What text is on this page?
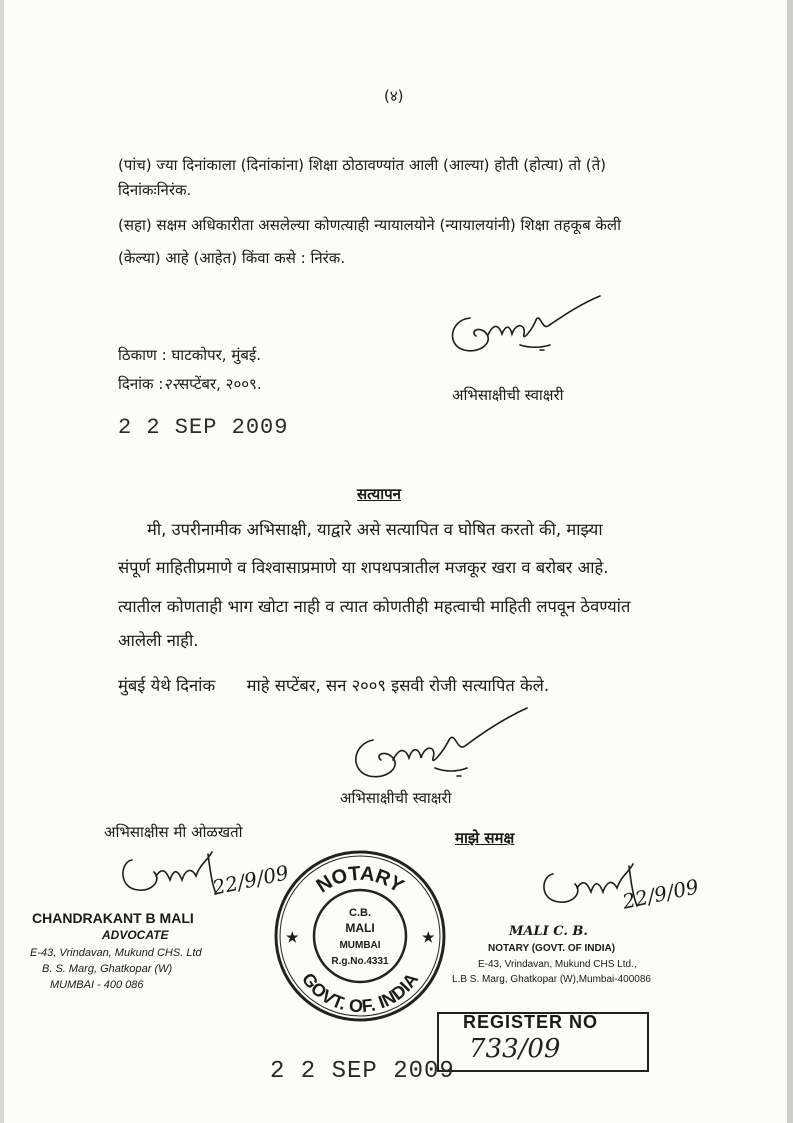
(४)
(पांच) ज्या दिनांकाला (दिनांकांना) शिक्षा ठोठावण्यांत आली (आल्या) होती (होत्या) तो (ते)
दिनांकःनिरंक.
(सहा) सक्षम अधिकारीता असलेल्या कोणत्याही न्यायालयोने (न्यायालयांनी) शिक्षा तहकूब केली
(केल्या) आहे (आहेत) किंवा कसे : निरंक.
ठिकाण : घाटकोपर, मुंबई.
दिनांक :२२सप्टेंबर, २००९.
2 2 SEP 2009
अभिसाक्षीची स्वाक्षरी
सत्यापन
मी, उपरीनामीक अभिसाक्षी, याद्वारे असे सत्यापित व घोषित करतो की, माझ्या
संपूर्ण माहितीप्रमाणे व विश्वासाप्रमाणे या शपथपत्रातील मजकूर खरा व बरोबर आहे.
त्यातील कोणताही भाग खोटा नाही व त्यात कोणतीही महत्वाची माहिती लपवून ठेवण्यांत
आलेली नाही.
मुंबई येथे दिनांक      माहे सप्टेंबर, सन २००९ इसवी रोजी सत्यापित केले.
अभिसाक्षीची स्वाक्षरी
अभिसाक्षीस मी ओळखतो	माझे समक्ष
22/9/09
CHANDRAKANT B MALI
ADVOCATE
E-43, Vrindavan, Mukund CHS. Ltd
B. S. Marg, Ghatkopar (W)
MUMBAI - 400 086
NOTARY
GOVT. OF. INDIA
★	★
C.B.
MALI
MUMBAI
R.g.No.4331
22/9/09
MALI C. B.
NOTARY (GOVT. OF INDIA)
E-43, Vrindavan, Mukund CHS Ltd.,
L.B S. Marg, Ghatkopar (W),Mumbai-400086
REGISTER NO
733/09
2 2 SEP 2009
